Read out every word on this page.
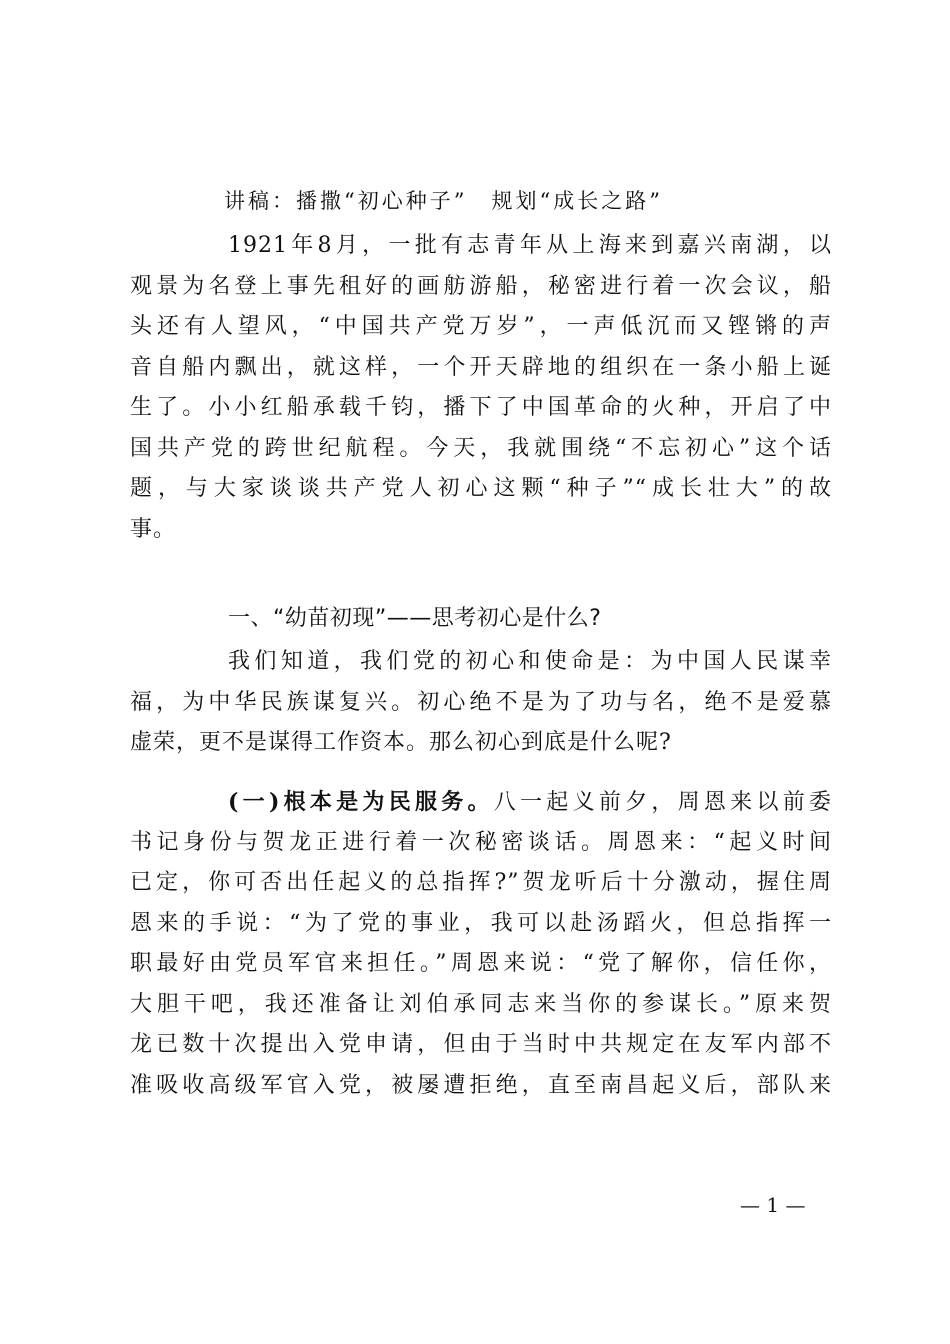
讲稿：播撒“初心种子”　规划“成长之路”
1921年8月，一批有志青年从上海来到嘉兴南湖，以
观景为名登上事先租好的画舫游船，秘密进行着一次会议，船
头还有人望风，“中国共产党万岁”，一声低沉而又铿锵的声
音自船内飘出，就这样，一个开天辟地的组织在一条小船上诞
生了。小小红船承载千钧，播下了中国革命的火种，开启了中
国共产党的跨世纪航程。今天，我就围绕“不忘初心”这个话
题，与大家谈谈共产党人初心这颗“种子”“成长壮大”的故
事。
一、“幼苗初现”——思考初心是什么?
我们知道，我们党的初心和使命是：为中国人民谋幸
福，为中华民族谋复兴。初心绝不是为了功与名，绝不是爱慕
虚荣，更不是谋得工作资本。那么初心到底是什么呢?
(一)根本是为民服务。八一起义前夕，周恩来以前委
书记身份与贺龙正进行着一次秘密谈话。周恩来：“起义时间
已定，你可否出任起义的总指挥?”贺龙听后十分激动，握住周
恩来的手说：“为了党的事业，我可以赴汤蹈火，但总指挥一
职最好由党员军官来担任。”周恩来说：“党了解你，信任你，
大胆干吧，我还准备让刘伯承同志来当你的参谋长。”原来贺
龙已数十次提出入党申请，但由于当时中共规定在友军内部不
准吸收高级军官入党，被屡遭拒绝，直至南昌起义后，部队来
— 1 —
